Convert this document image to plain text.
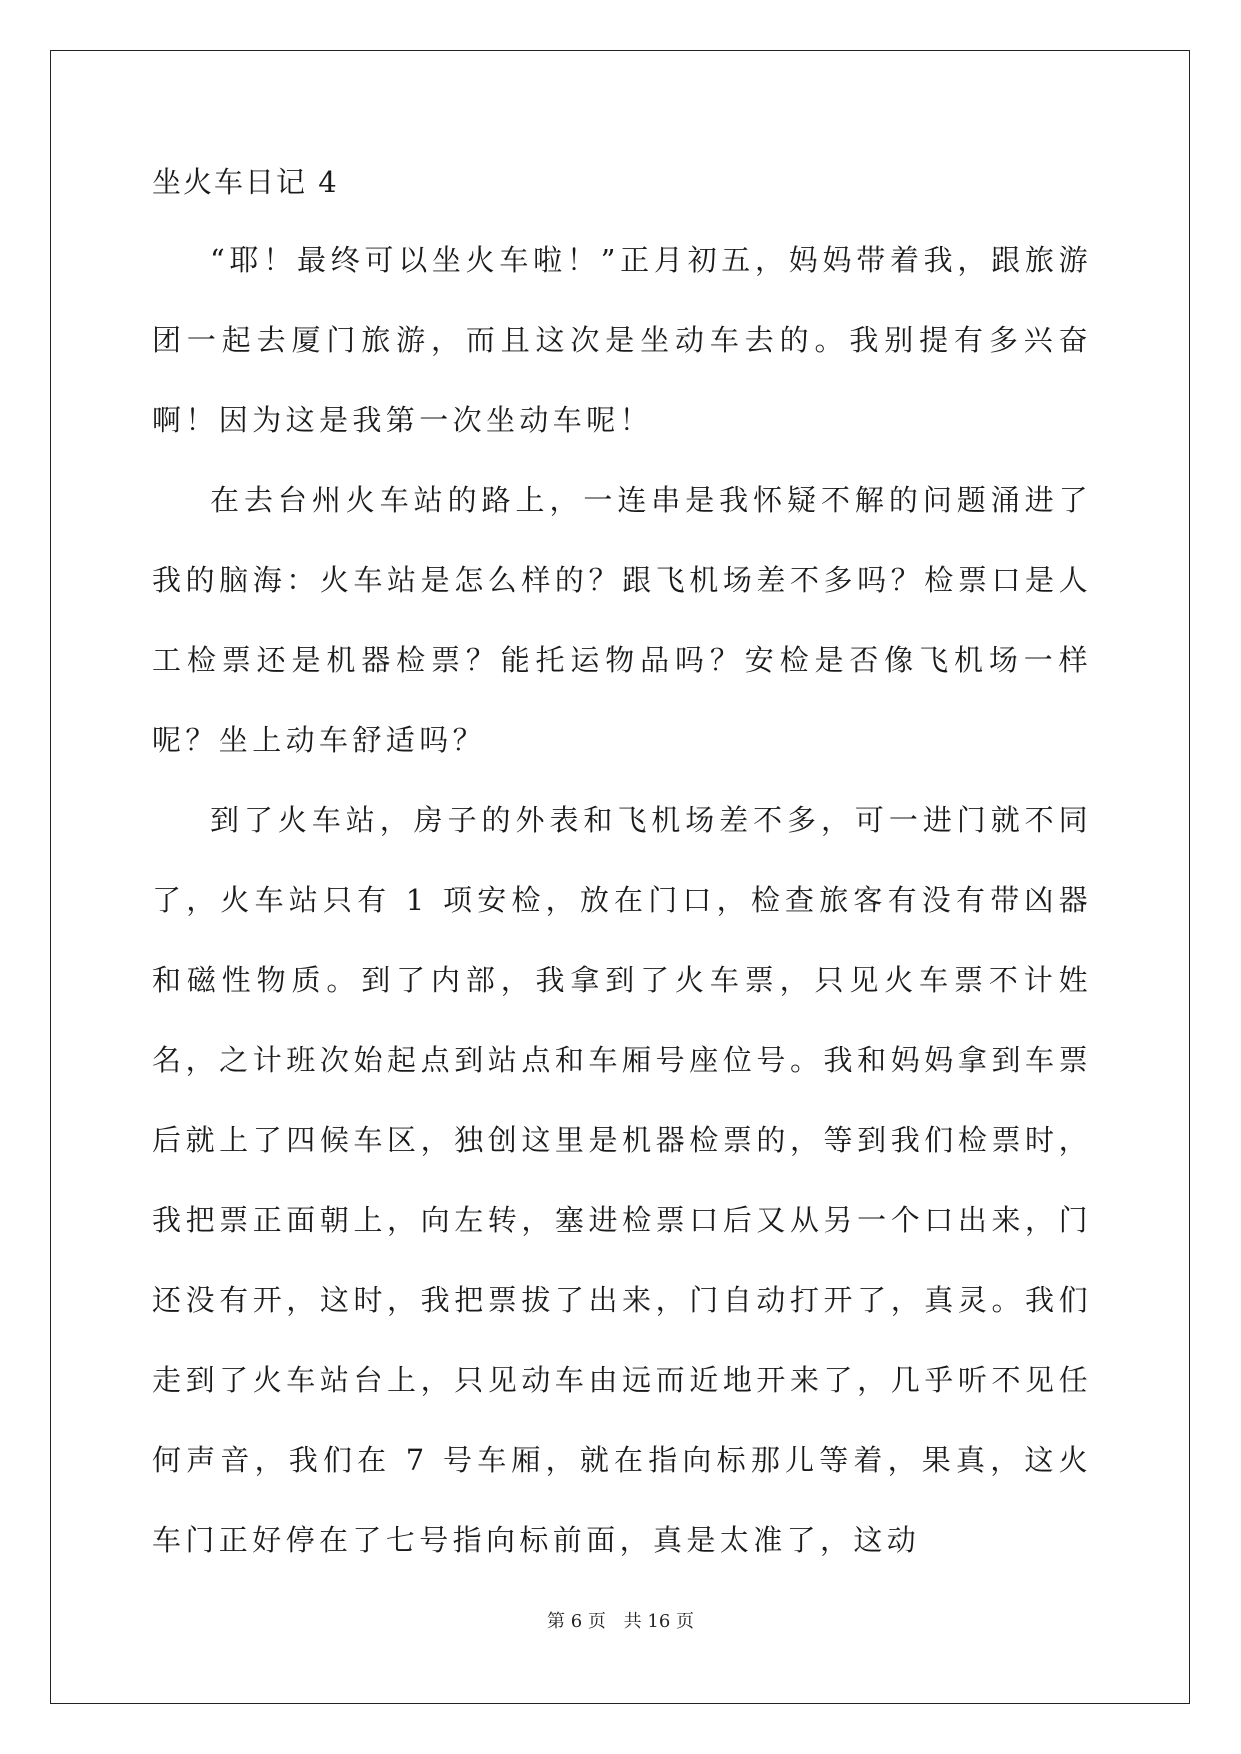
坐火车日记 4

“耶！最终可以坐火车啦！”正月初五，妈妈带着我，跟旅游团一起去厦门旅游，而且这次是坐动车去的。我别提有多兴奋啊！因为这是我第一次坐动车呢！

在去台州火车站的路上，一连串是我怀疑不解的问题涌进了我的脑海：火车站是怎么样的？跟飞机场差不多吗？检票口是人工检票还是机器检票？能托运物品吗？安检是否像飞机场一样呢？坐上动车舒适吗？

到了火车站，房子的外表和飞机场差不多，可一进门就不同了，火车站只有 1 项安检，放在门口，检查旅客有没有带凶器和磁性物质。到了内部，我拿到了火车票，只见火车票不计姓名，之计班次始起点到站点和车厢号座位号。我和妈妈拿到车票后就上了四候车区，独创这里是机器检票的，等到我们检票时，我把票正面朝上，向左转，塞进检票口后又从另一个口出来，门还没有开，这时，我把票拔了出来，门自动打开了，真灵。我们走到了火车站台上，只见动车由远而近地开来了，几乎听不见任何声音，我们在 7 号车厢，就在指向标那儿等着，果真，这火车门正好停在了七号指向标前面，真是太准了，这动

第 6 页 共 16 页
